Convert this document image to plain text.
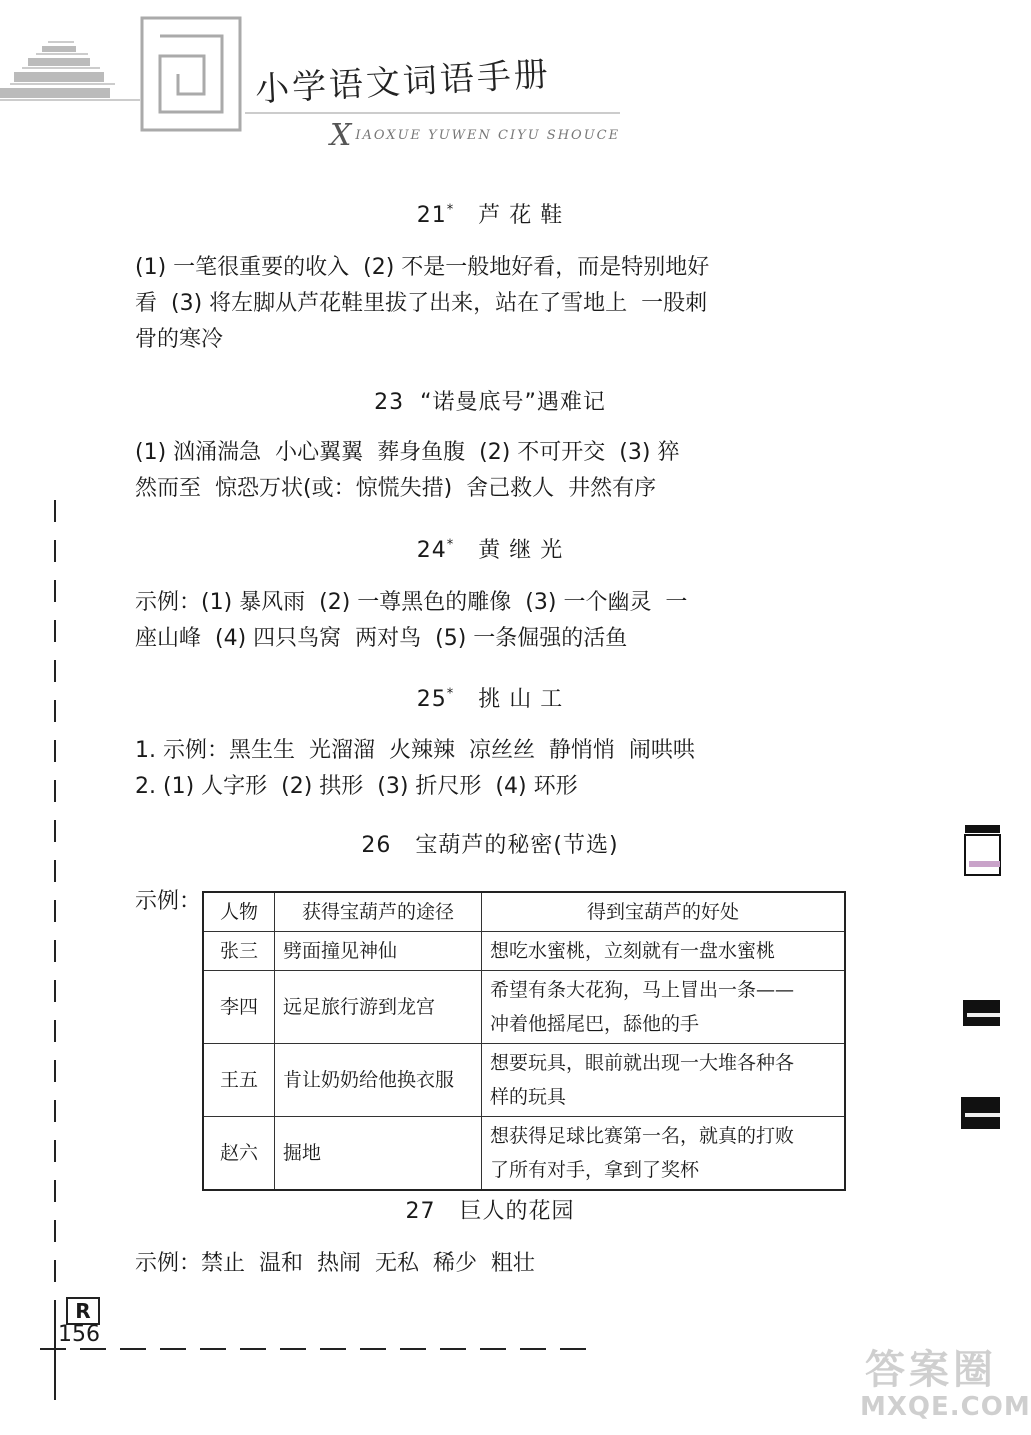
小学语文词语手册
XIAOXUE YUWEN CIYU SHOUCE
21* 芦 花 鞋
(1) 一笔很重要的收入  (2) 不是一般地好看，而是特别地好
看  (3) 将左脚从芦花鞋里拔了出来，站在了雪地上  一股刺
骨的寒冷
23 “诺曼底号”遇难记
(1) 汹涌湍急  小心翼翼  葬身鱼腹  (2) 不可开交  (3) 猝
然而至  惊恐万状(或：惊慌失措)  舍己救人  井然有序
24* 黄 继 光
示例：(1) 暴风雨  (2) 一尊黑色的雕像  (3) 一个幽灵  一
座山峰  (4) 四只鸟窝  两对鸟  (5) 一条倔强的活鱼
25* 挑 山 工
1. 示例：黑生生  光溜溜  火辣辣  凉丝丝  静悄悄  闹哄哄
2. (1) 人字形  (2) 拱形  (3) 折尺形  (4) 环形
26 宝葫芦的秘密(节选)
示例： 人物	获得宝葫芦的途径	得到宝葫芦的好处
张三	劈面撞见神仙	想吃水蜜桃，立刻就有一盘水蜜桃
李四	远足旅行游到龙宫	希望有条大花狗，马上冒出一条——
冲着他摇尾巴，舔他的手
王五	肯让奶奶给他换衣服	想要玩具，眼前就出现一大堆各种各
样的玩具
赵六	掘地	想获得足球比赛第一名，就真的打败
了所有对手，拿到了奖杯
27 巨人的花园
示例：禁止  温和  热闹  无私  稀少  粗壮
R
156
答案圈
MXQE.COM
